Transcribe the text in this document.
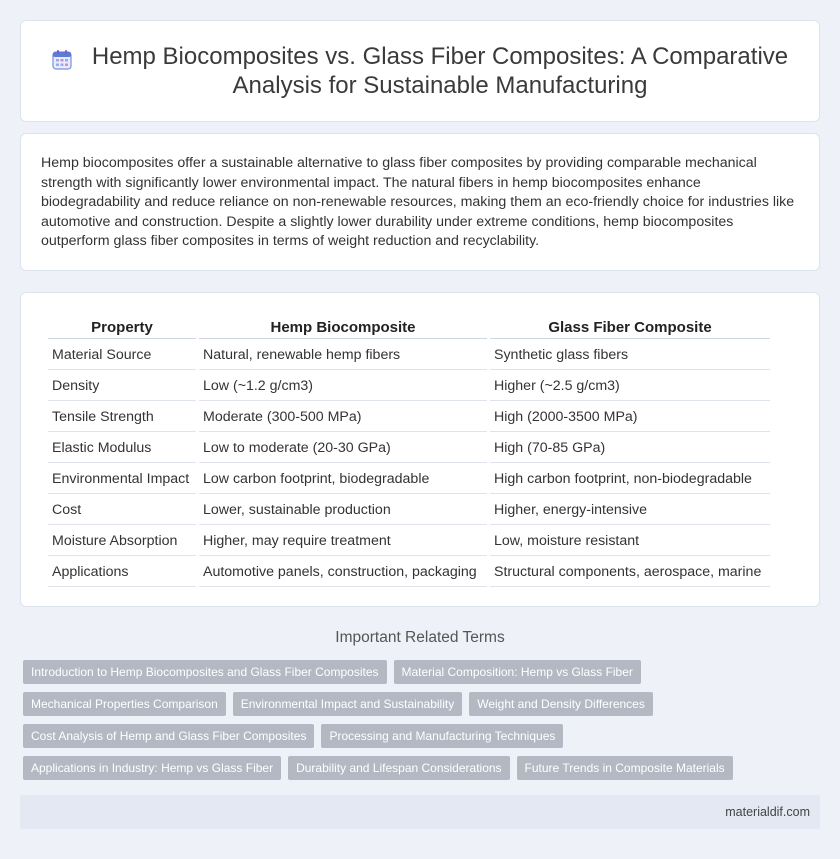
Hemp Biocomposites vs. Glass Fiber Composites: A Comparative Analysis for Sustainable Manufacturing

Hemp biocomposites offer a sustainable alternative to glass fiber composites by providing comparable mechanical strength with significantly lower environmental impact. The natural fibers in hemp biocomposites enhance biodegradability and reduce reliance on non-renewable resources, making them an eco-friendly choice for industries like automotive and construction. Despite a slightly lower durability under extreme conditions, hemp biocomposites outperform glass fiber composites in terms of weight reduction and recyclability.

Property	Hemp Biocomposite	Glass Fiber Composite
Material Source	Natural, renewable hemp fibers	Synthetic glass fibers
Density	Low (~1.2 g/cm3)	Higher (~2.5 g/cm3)
Tensile Strength	Moderate (300-500 MPa)	High (2000-3500 MPa)
Elastic Modulus	Low to moderate (20-30 GPa)	High (70-85 GPa)
Environmental Impact	Low carbon footprint, biodegradable	High carbon footprint, non-biodegradable
Cost	Lower, sustainable production	Higher, energy-intensive
Moisture Absorption	Higher, may require treatment	Low, moisture resistant
Applications	Automotive panels, construction, packaging	Structural components, aerospace, marine
Important Related Terms
Introduction to Hemp Biocomposites and Glass Fiber Composites	Material Composition: Hemp vs Glass Fiber
Mechanical Properties Comparison	Environmental Impact and Sustainability	Weight and Density Differences
Cost Analysis of Hemp and Glass Fiber Composites	Processing and Manufacturing Techniques
Applications in Industry: Hemp vs Glass Fiber	Durability and Lifespan Considerations	Future Trends in Composite Materials
materialdif.com
